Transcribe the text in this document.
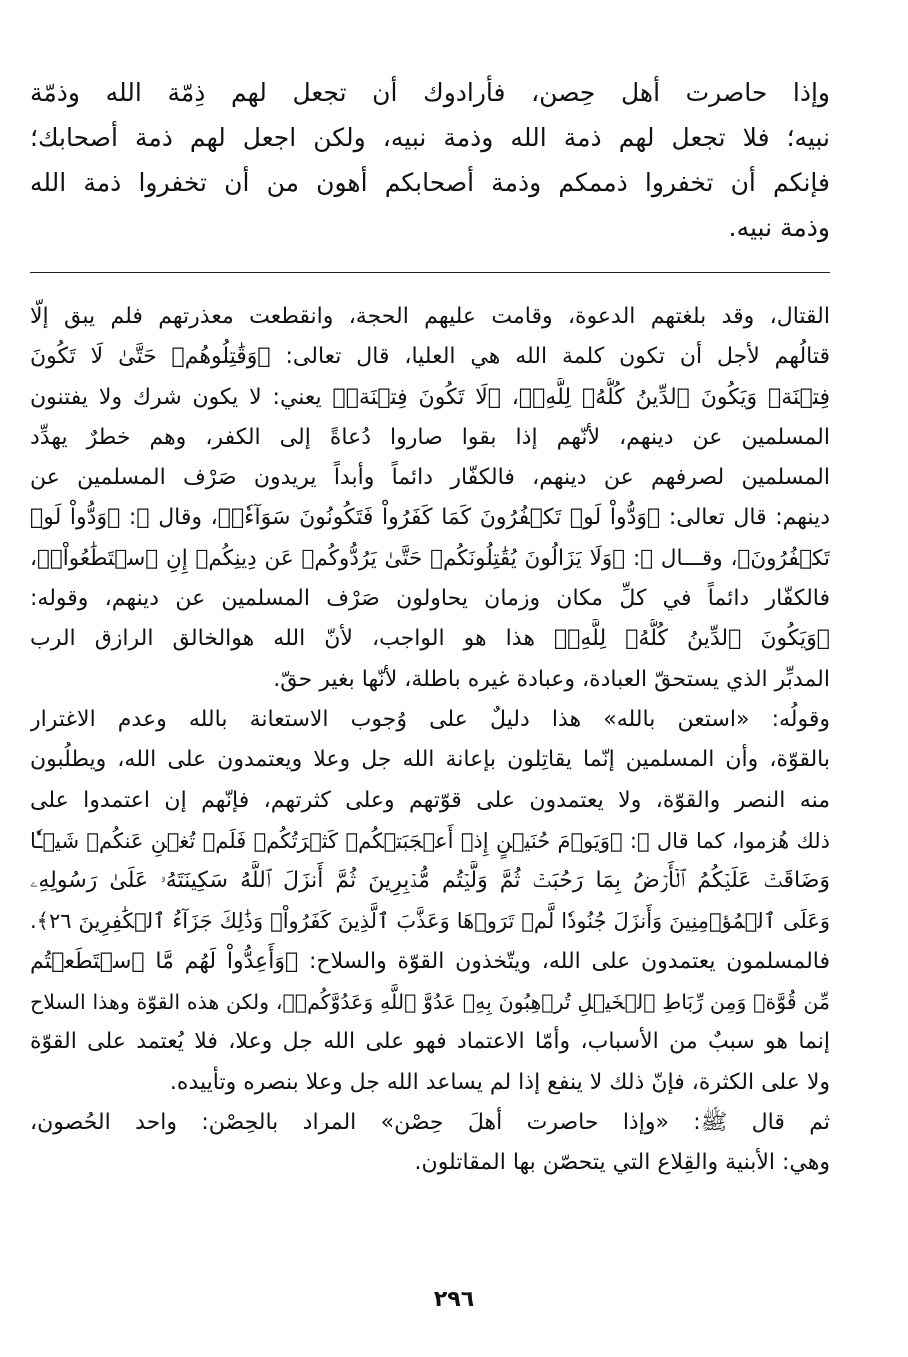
وإذا حاصرت أهل حِصن، فأرادوك أن تجعل لهم ذِمّة الله وذمّة
نبيه؛ فلا تجعل لهم ذمة الله وذمة نبيه، ولكن اجعل لهم ذمة أصحابك؛
فإنكم أن تخفروا ذممكم وذمة أصحابكم أهون من أن تخفروا ذمة الله
وذمة نبيه.
القتال، وقد بلغتهم الدعوة، وقامت عليهم الحجة، وانقطعت معذرتهم فلم يبق إلّا
قتالُهم لأجل أن تكون كلمة الله هي العليا، قال تعالى: ﴿وَقَٰتِلُوهُمۡ حَتَّىٰ لَا تَكُونَ
فِتۡنَةٞ وَيَكُونَ ٱلدِّينُ كُلُّهُۥ لِلَّهِۚ﴾، ﴿لَا تَكُونَ فِتۡنَةٞ﴾ يعني: لا يكون شرك ولا يفتنون
المسلمين عن دينهم، لأنّهم إذا بقوا صاروا دُعاةً إلى الكفر، وهم خطرٌ يهدِّد
المسلمين لصرفهم عن دينهم، فالكفّار دائماً وأبداً يريدون صَرْف المسلمين عن
دينهم: قال تعالى: ﴿وَدُّواْ لَوۡ تَكۡفُرُونَ كَمَا كَفَرُواْ فَتَكُونُونَ سَوَآءٗۖ﴾، وقال ﷻ: ﴿وَدُّواْ لَوۡ
تَكۡفُرُونَ﴾، وقـــال ﷻ: ﴿وَلَا يَزَالُونَ يُقَٰتِلُونَكُمۡ حَتَّىٰ يَرُدُّوكُمۡ عَن دِينِكُمۡ إِنِ ٱسۡتَطَٰعُواْۚ﴾،
فالكفّار دائماً في كلِّ مكان وزمان يحاولون صَرْف المسلمين عن دينهم، وقوله:
﴿وَيَكُونَ ٱلدِّينُ كُلُّهُۥ لِلَّهِۚ﴾ هذا هو الواجب، لأنّ الله هوالخالق الرازق الرب
المدبِّر الذي يستحقّ العبادة، وعبادة غيره باطلة، لأنّها بغير حقّ.
وقولُه: «استعن بالله» هذا دليلٌ على وُجوب الاستعانة بالله وعدم الاغترار
بالقوّة، وأن المسلمين إنّما يقاتِلون بإعانة الله جل وعلا ويعتمدون على الله، ويطلُبون
منه النصر والقوّة، ولا يعتمدون على قوّتهم وعلى كثرتهم، فإنّهم إن اعتمدوا على
ذلك هُزموا، كما قال ﷻ: ﴿وَيَوۡمَ حُنَيۡنٍ إِذۡ أَعۡجَبَتۡكُمۡ كَثۡرَتُكُمۡ فَلَمۡ تُغۡنِ عَنكُمۡ شَيۡـٔٗا
وَضَاقَتۡ عَلَيۡكُمُ ٱلۡأَرۡضُ بِمَا رَحُبَتۡ ثُمَّ وَلَّيۡتُم مُّدۡبِرِينَ ثُمَّ أَنزَلَ ٱللَّهُ سَكِينَتَهُۥ عَلَىٰ رَسُولِهِۦ
وَعَلَى ٱلۡمُؤۡمِنِينَ وَأَنزَلَ جُنُودٗا لَّمۡ تَرَوۡهَا وَعَذَّبَ ٱلَّذِينَ كَفَرُواْۚ وَذَٰلِكَ جَزَآءُ ٱلۡكَٰفِرِينَ ٢٦﴾.
فالمسلمون يعتمدون على الله، ويتّخذون القوّة والسلاح: ﴿وَأَعِدُّواْ لَهُم مَّا ٱسۡتَطَعۡتُم
مِّن قُوَّةٖ وَمِن رِّبَاطِ ٱلۡخَيۡلِ تُرۡهِبُونَ بِهِۦ عَدُوَّ ٱللَّهِ وَعَدُوَّكُمۡ﴾، ولكن هذه القوّة وهذا السلاح
إنما هو سببٌ من الأسباب، وأمّا الاعتماد فهو على الله جل وعلا، فلا يُعتمد على القوّة
ولا على الكثرة، فإنّ ذلك لا ينفع إذا لم يساعد الله جل وعلا بنصره وتأييده.
ثم قال ﷺ: «وإذا حاصرت أهلَ حِصْن» المراد بالحِصْن: واحد الحُصون،
وهي: الأبنية والقِلاع التي يتحصّن بها المقاتلون.
٢٩٦
